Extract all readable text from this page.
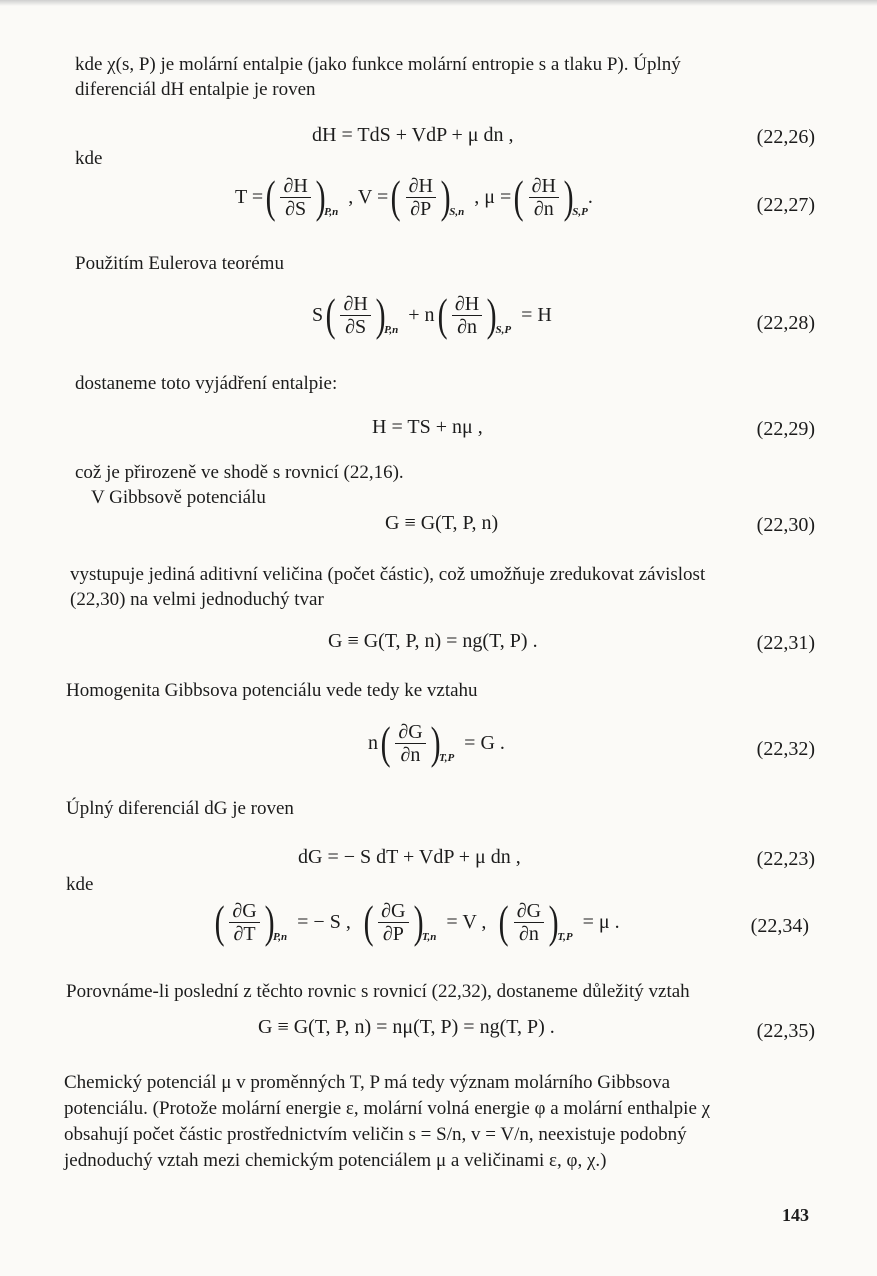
kde χ(s, P) je molární entalpie (jako funkce molární entropie s a tlaku P). Úplný
diferenciál dH entalpie je roven
dH = TdS + VdP + μ dn ,	(22,26)
kde
T = ( $\frac{\partial H}{\partial S}$ )
P,n
, V = ( $\frac{\partial H}{\partial P}$ )
S,n
, μ = ( $\frac{\partial H}{\partial n}$ )
S,P
.	(22,27)
Použitím Eulerova teorému
S ( $\frac{\partial H}{\partial S}$ )
P,n
+ n ( $\frac{\partial H}{\partial n}$ )
S,P
= H	(22,28)
dostaneme toto vyjádření entalpie:
H = TS + nμ ,	(22,29)
což je přirozeně ve shodě s rovnicí (22,16).
V Gibbsově potenciálu
G ≡ G(T, P, n)	(22,30)
vystupuje jediná aditivní veličina (počet částic), což umožňuje zredukovat závislost
(22,30) na velmi jednoduchý tvar
G ≡ G(T, P, n) = ng(T, P) .	(22,31)
Homogenita Gibbsova potenciálu vede tedy ke vztahu
n ( $\frac{\partial G}{\partial n}$ )
T,P
= G .	(22,32)
Úplný diferenciál dG je roven
dG = − S dT + VdP + μ dn ,	(22,23)
kde
( $\frac{\partial G}{\partial T}$ )
P,n
= − S , ( $\frac{\partial G}{\partial P}$ )
T,n
= V , ( $\frac{\partial G}{\partial n}$ )
T,P
= μ .	(22,34)
Porovnáme-li poslední z těchto rovnic s rovnicí (22,32), dostaneme důležitý vztah
G ≡ G(T, P, n) = nμ(T, P) = ng(T, P) .	(22,35)
Chemický potenciál μ v proměnných T, P má tedy význam molárního Gibbsova
potenciálu. (Protože molární energie ε, molární volná energie φ a molární enthalpie χ
obsahují počet částic prostřednictvím veličin s = S/n, v = V/n, neexistuje podobný
jednoduchý vztah mezi chemickým potenciálem μ a veličinami ε, φ, χ.)
143
